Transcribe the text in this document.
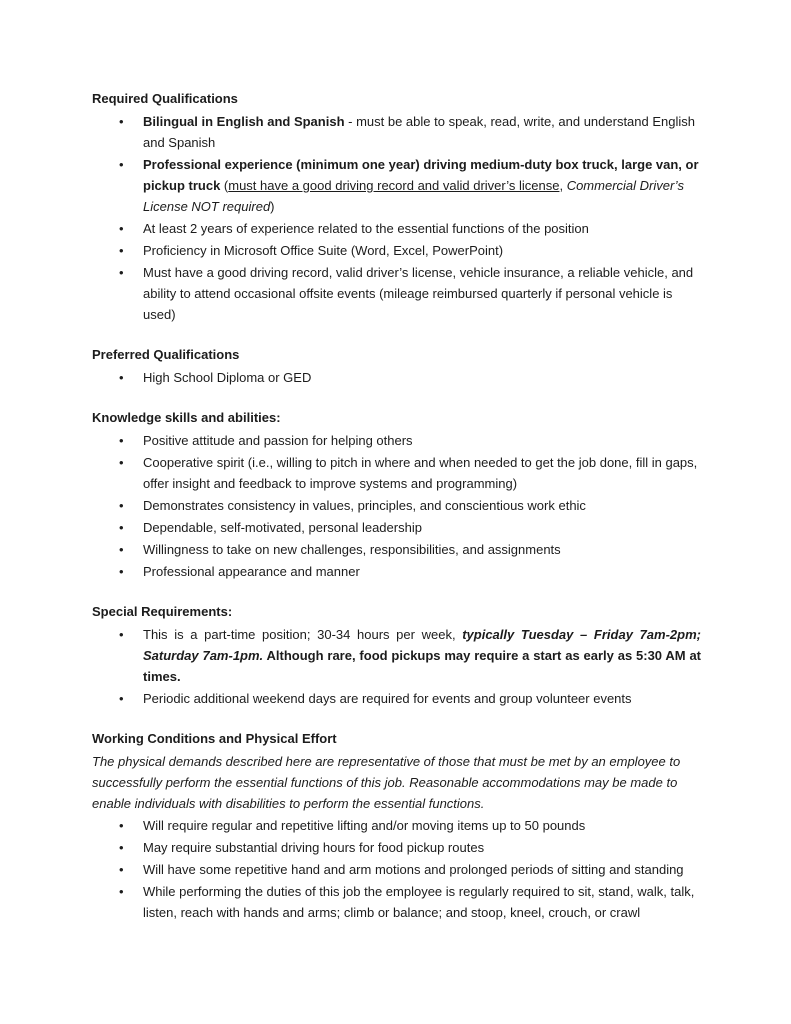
Required Qualifications
•	Bilingual in English and Spanish - must be able to speak, read, write, and understand English and Spanish
•	Professional experience (minimum one year) driving medium-duty box truck, large van, or pickup truck (must have a good driving record and valid driver’s license, Commercial Driver’s License NOT required)
•	At least 2 years of experience related to the essential functions of the position
•	Proficiency in Microsoft Office Suite (Word, Excel, PowerPoint)
•	Must have a good driving record, valid driver’s license, vehicle insurance, a reliable vehicle, and ability to attend occasional offsite events (mileage reimbursed quarterly if personal vehicle is used)
Preferred Qualifications
•	High School Diploma or GED
Knowledge skills and abilities:
•	Positive attitude and passion for helping others
•	Cooperative spirit (i.e., willing to pitch in where and when needed to get the job done, fill in gaps, offer insight and feedback to improve systems and programming)
•	Demonstrates consistency in values, principles, and conscientious work ethic
•	Dependable, self-motivated, personal leadership
•	Willingness to take on new challenges, responsibilities, and assignments
•	Professional appearance and manner
Special Requirements:
•	This is a part-time position; 30-34 hours per week, typically Tuesday – Friday 7am-2pm; Saturday 7am-1pm. Although rare, food pickups may require a start as early as 5:30 AM at times.
•	Periodic additional weekend days are required for events and group volunteer events
Working Conditions and Physical Effort

The physical demands described here are representative of those that must be met by an employee to successfully perform the essential functions of this job. Reasonable accommodations may be made to enable individuals with disabilities to perform the essential functions.

•	Will require regular and repetitive lifting and/or moving items up to 50 pounds
•	May require substantial driving hours for food pickup routes
•	Will have some repetitive hand and arm motions and prolonged periods of sitting and standing
•	While performing the duties of this job the employee is regularly required to sit, stand, walk, talk, listen, reach with hands and arms; climb or balance; and stoop, kneel, crouch, or crawl
